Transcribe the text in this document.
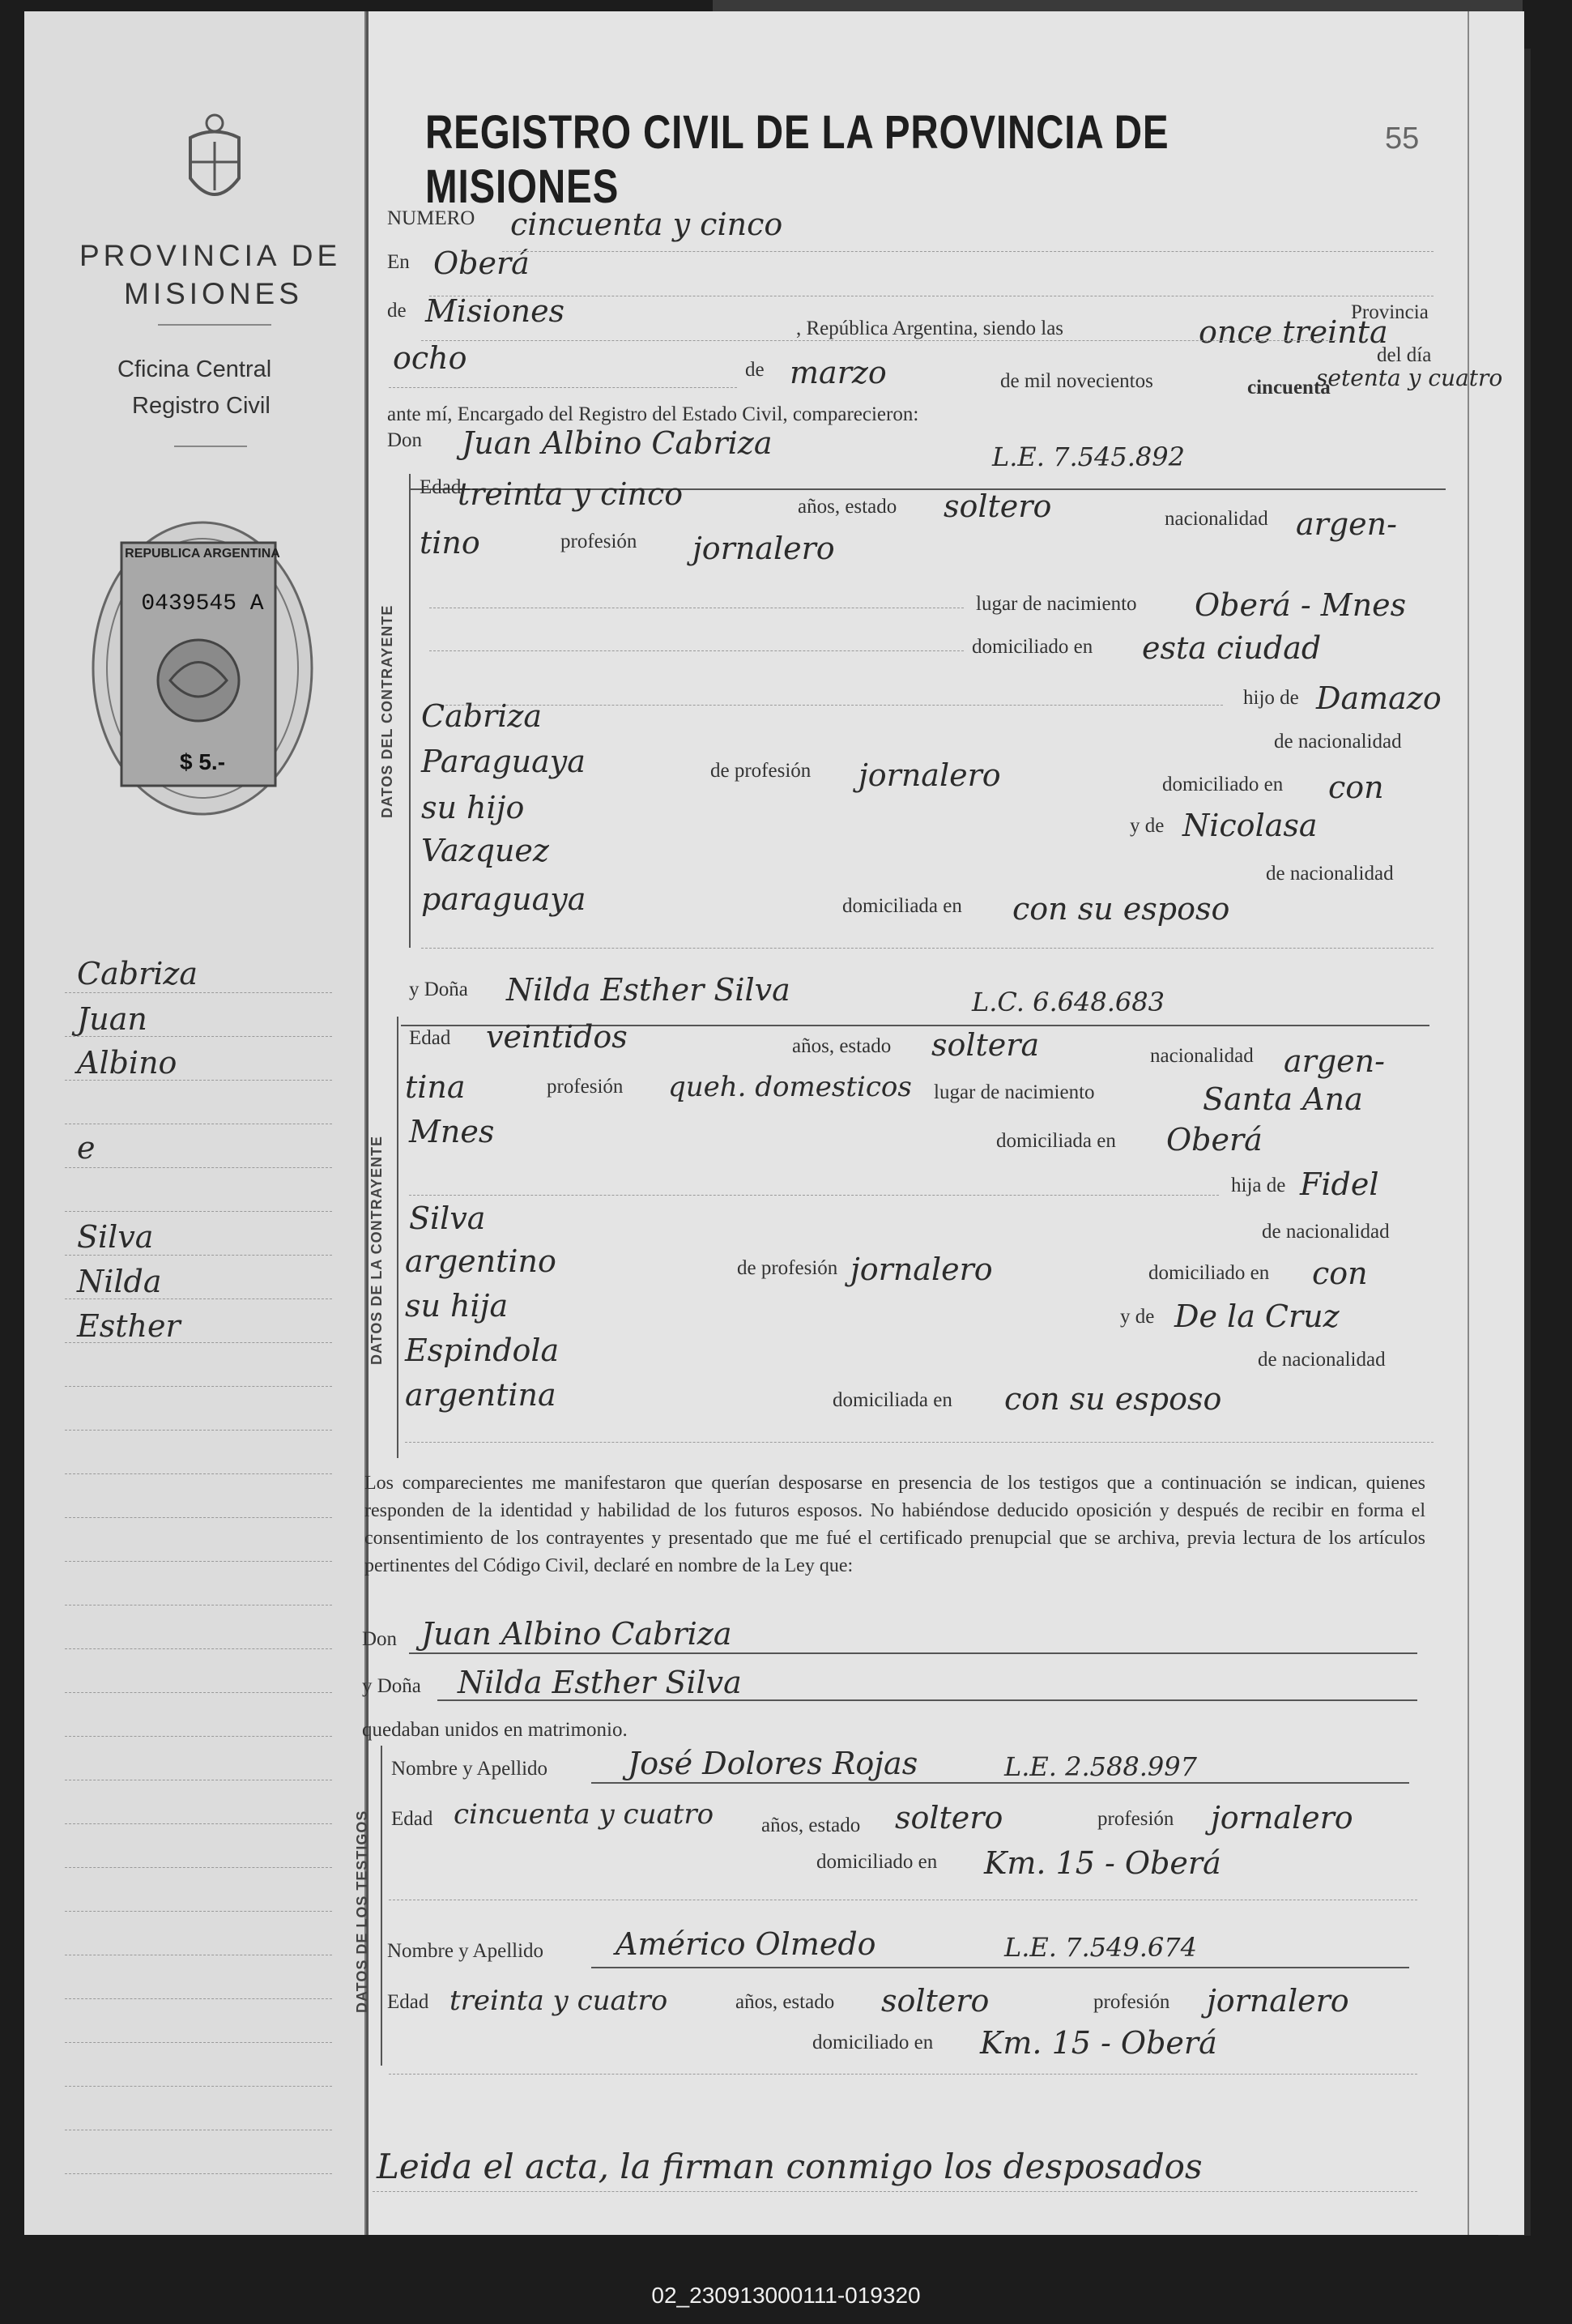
PROVINCIA DE
MISIONES
Cficina Central
Registro Civil
REPUBLICA ARGENTINA
0439545 A
$ 5.-
Cabriza
Juan
Albino
e
Silva
Nilda
Esther
REGISTRO CIVIL DE LA PROVINCIA DE MISIONES
55
NUMERO cincuenta y cinco
En Oberá
de Misiones	, República Argentina, siendo las	once treinta
Provincia
del día
ocho	de marzo	de mil novecientos	cincuenta
setenta y cuatro
ante mí, Encargado del Registro del Estado Civil, comparecieron:
Don Juan Albino Cabriza	L.E. 7.545.892
DATOS DEL CONTRAYENTE
Edad
treinta y cinco	años, estado soltero	nacionalidad argen-
tino	profesión jornalero
lugar de nacimiento Oberá - Mnes
domiciliado en esta ciudad
hijo de Damazo
Cabriza
de nacionalidad
Paraguaya	de profesión jornalero	domiciliado en con
su hijo
y de Nicolasa
Vazquez
de nacionalidad
paraguaya	domiciliada en con su esposo
y Doña Nilda Esther Silva	L.C. 6.648.683
DATOS DE LA CONTRAYENTE
Edad veintidos	años, estado soltera	nacionalidad argen-
tina	profesión queh. domesticos lugar de nacimiento	Santa Ana
Mnes	domiciliada en Oberá
hija de Fidel
Silva	de nacionalidad
argentino	de profesión jornalero	domiciliado en con
su hija	y de De la Cruz
Espindola	de nacionalidad
argentina	domiciliada en con su esposo
Los comparecientes me manifestaron que querían desposarse en presencia de los testigos que a continuación se indican, quienes responden de la identidad y habilidad de los futuros esposos. No habiéndose deducido oposición y después de recibir en forma el consentimiento de los contrayentes y presentado que me fué el certificado prenupcial que se archiva, previa lectura de los artículos pertinentes del Código Civil, declaré en nombre de la Ley que:
Don Juan Albino Cabriza
y Doña Nilda Esther Silva
quedaban unidos en matrimonio.
DATOS DE LOS TESTIGOS
Nombre y Apellido	José Dolores Rojas	L.E. 2.588.997
Edad cincuenta y cuatro años, estado soltero	profesión jornalero
domiciliado en Km. 15 - Oberá
Nombre y Apellido Américo Olmedo	L.E. 7.549.674
Edad treinta y cuatro	años, estado soltero	profesión jornalero
domiciliado en Km. 15 - Oberá
Leida el acta, la firman conmigo los desposados
02_230913000111-019320
